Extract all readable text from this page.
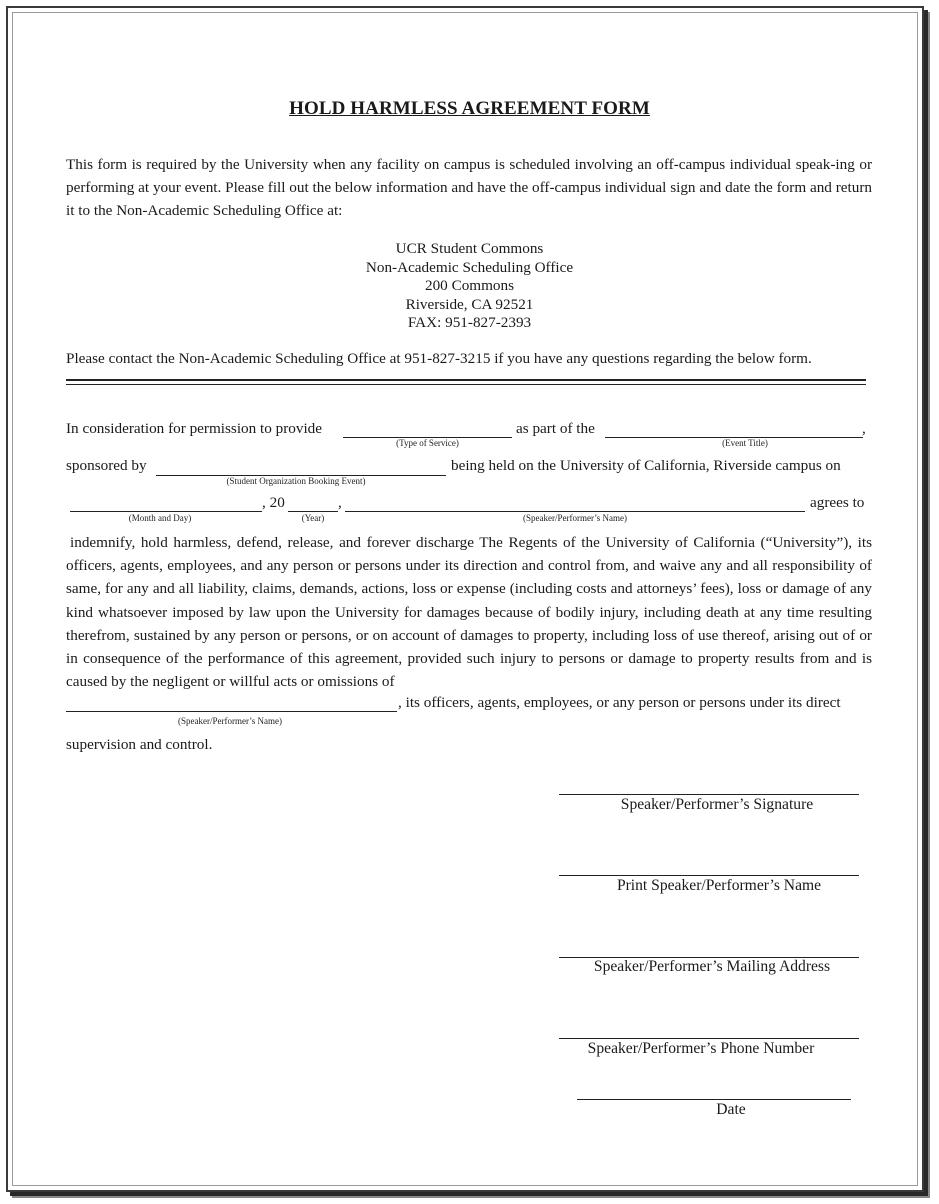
HOLD HARMLESS AGREEMENT FORM
This form is required by the University when any facility on campus is scheduled involving an off-campus individual speak-ing or performing at your event. Please fill out the below information and have the off-campus individual sign and date the form and return it to the Non-Academic Scheduling Office at:
UCR Student Commons
Non-Academic Scheduling Office
200 Commons
Riverside, CA 92521
FAX: 951-827-2393
Please contact the Non-Academic Scheduling Office at 951-827-3215 if you have any questions regarding the below form.
In consideration for permission to provide
(Type of Service)
as part of the
(Event Title)
,
sponsored by
(Student Organization Booking Event)
being held on the University of California, Riverside campus on
(Month and Day)
, 20
(Year)
,
(Speaker/Performer’s Name)
agrees to
indemnify, hold harmless, defend, release, and forever discharge The Regents of the University of California (“University”), its officers, agents, employees, and any person or persons under its direction and control from, and waive any and all responsibility of same, for any and all liability, claims, demands, actions, loss or expense (including costs and attorneys’ fees), loss or damage of any kind whatsoever imposed by law upon the University for damages because of bodily injury, including death at any time resulting therefrom, sustained by any person or persons, or on account of damages to property, including loss of use thereof, arising out of or in consequence of the performance of this agreement, provided such injury to persons or damage to property results from and is caused by the negligent or willful acts or omissions of
(Speaker/Performer’s Name)
, its officers, agents, employees, or any person or persons under its direct
supervision and control.
Speaker/Performer’s Signature
Print Speaker/Performer’s Name
Speaker/Performer’s Mailing Address
Speaker/Performer’s Phone Number
Date
